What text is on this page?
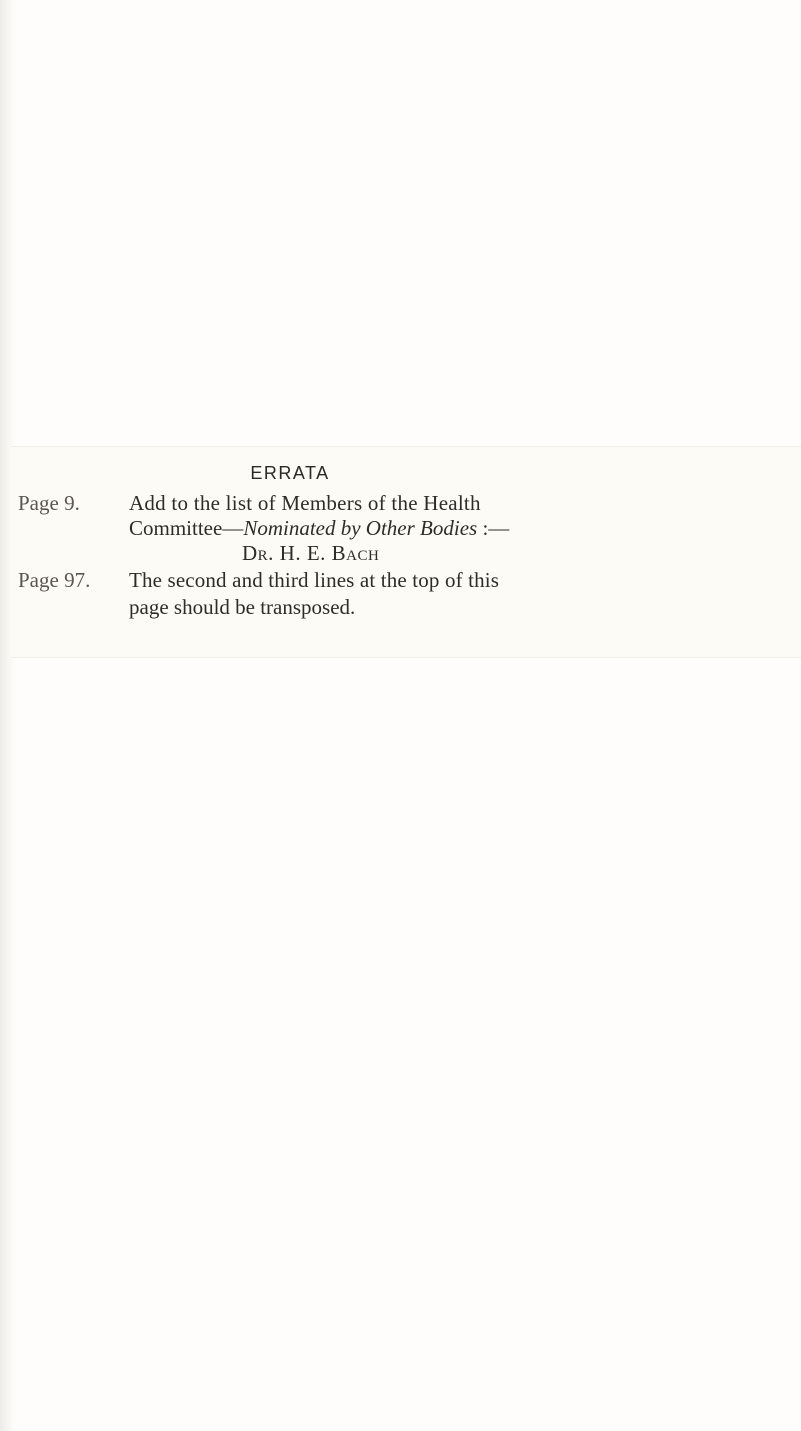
ERRATA
Page 9. Add to the list of Members of the Health
Committee—Nominated by Other Bodies :—
Dr. H. E. Bach
Page 97. The second and third lines at the top of this
page should be transposed.
